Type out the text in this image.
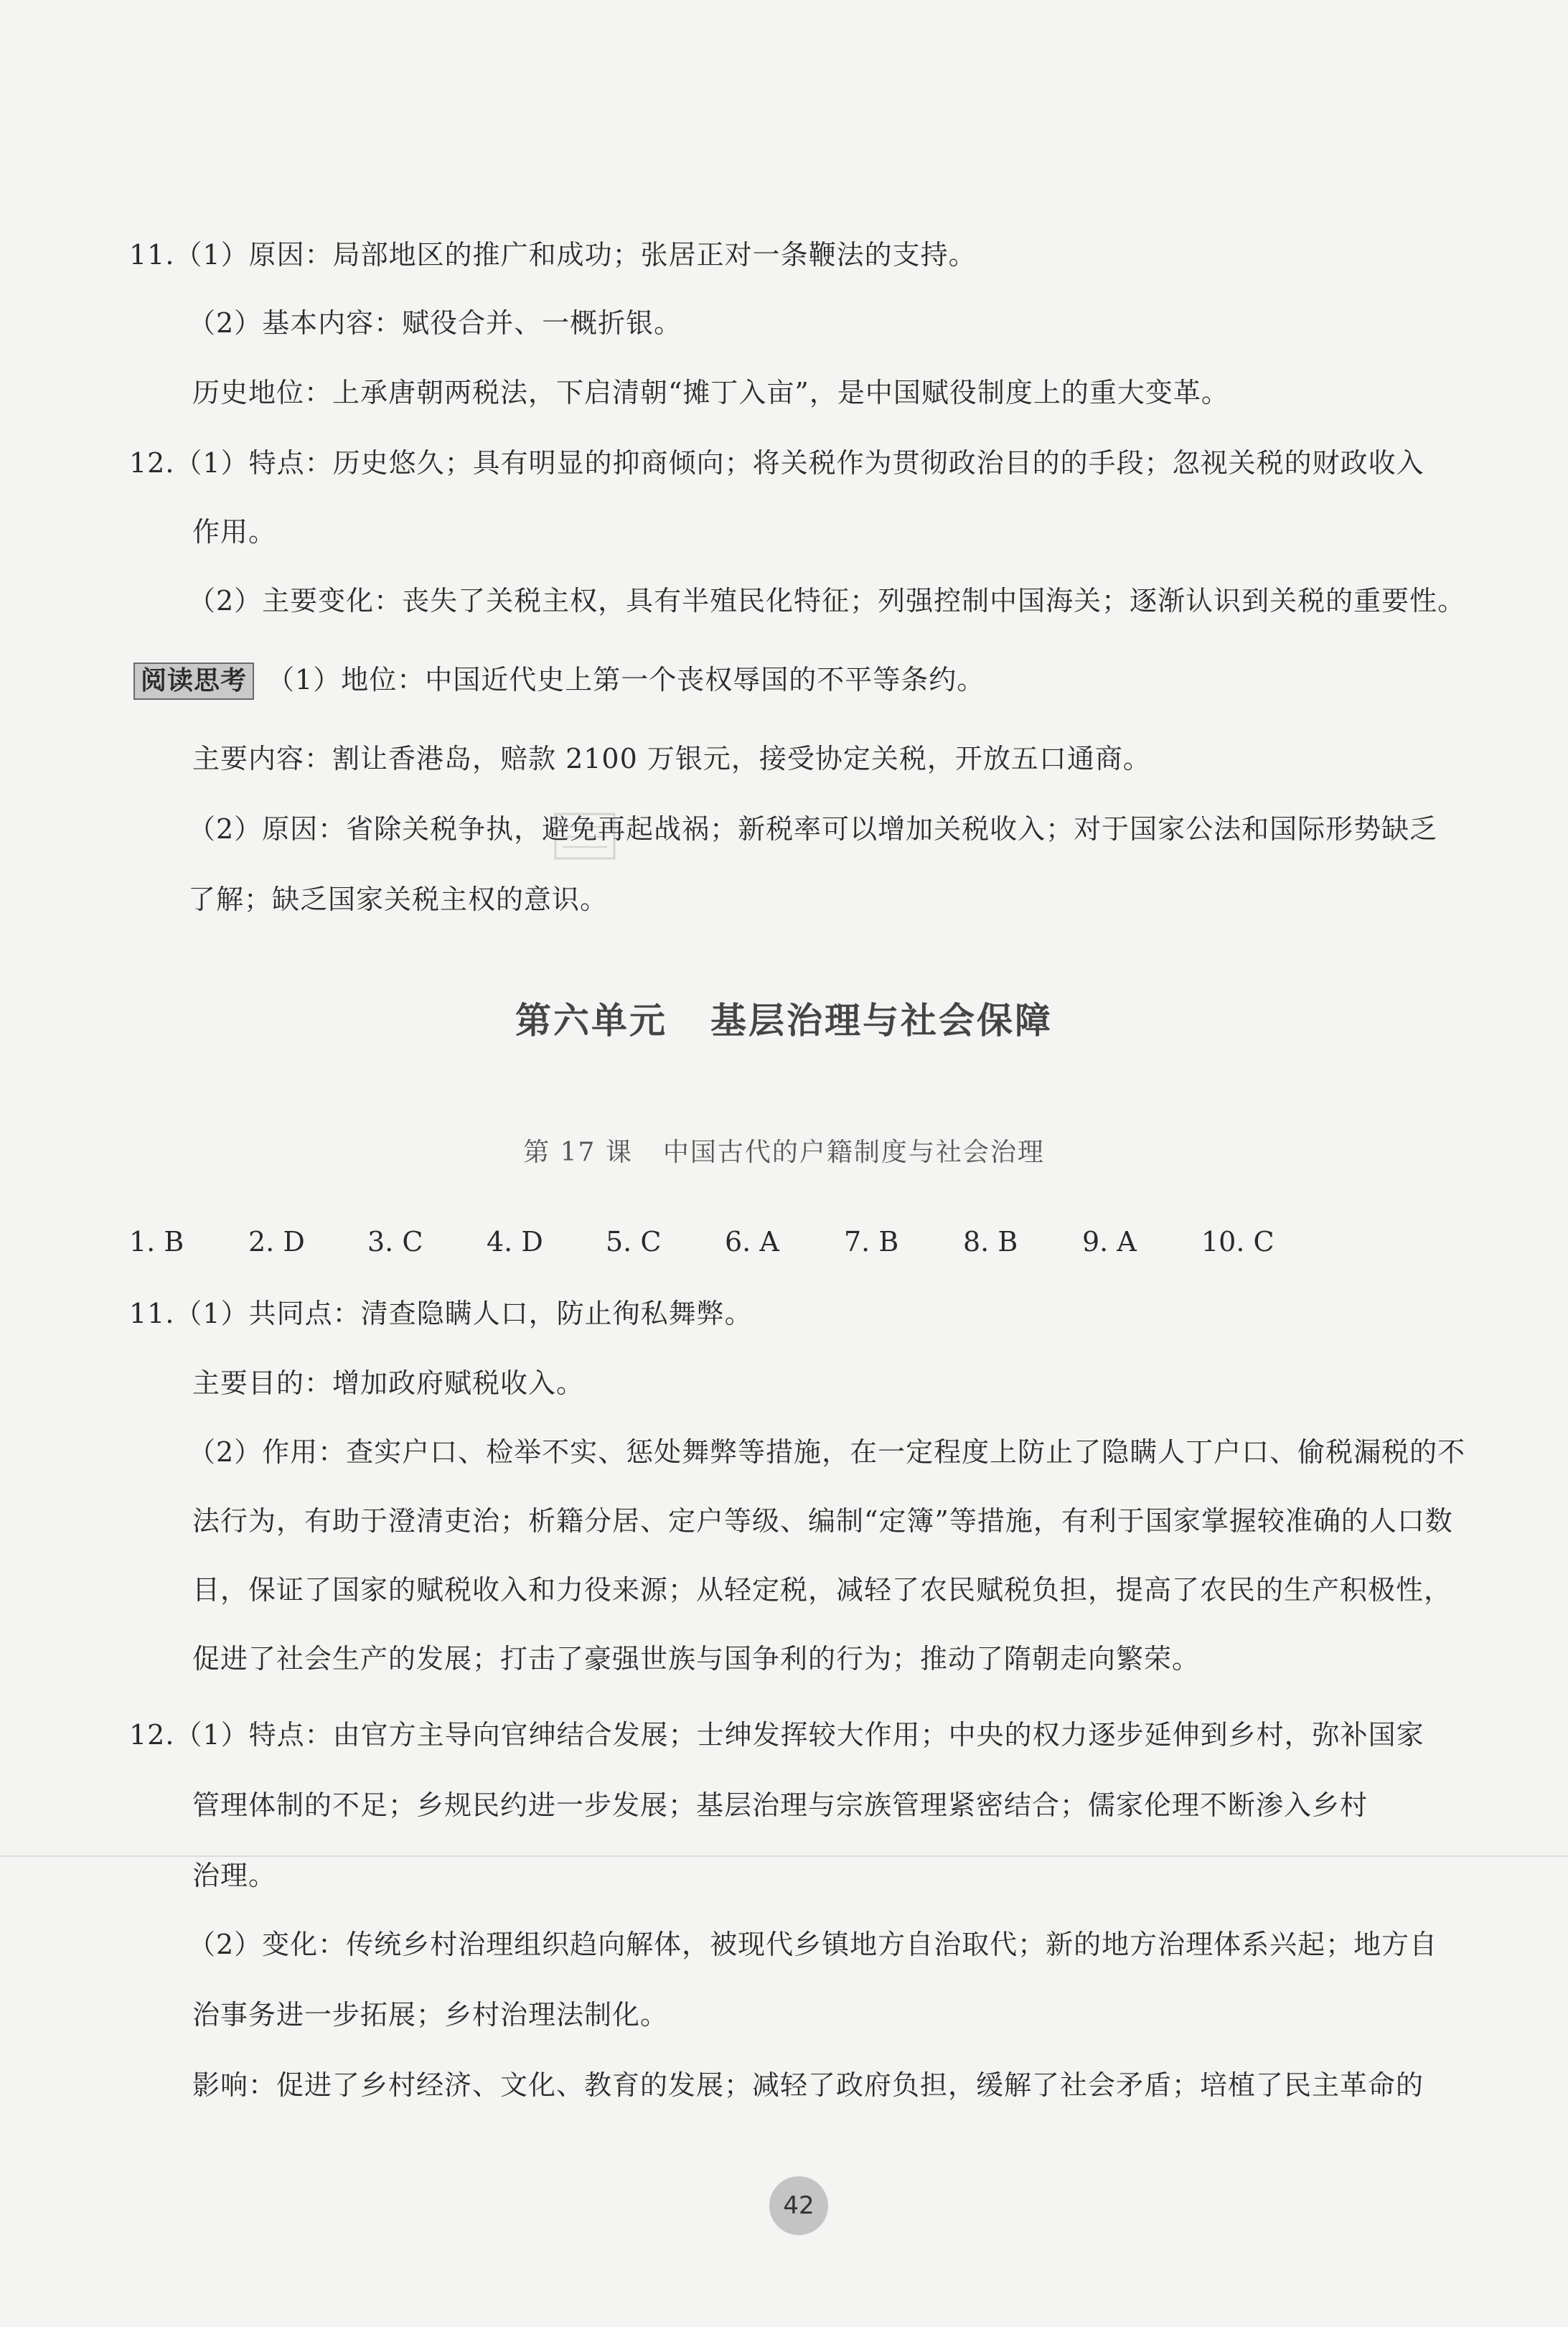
11.（1）原因：局部地区的推广和成功；张居正对一条鞭法的支持。
（2）基本内容：赋役合并、一概折银。
历史地位：上承唐朝两税法，下启清朝“摊丁入亩”，是中国赋役制度上的重大变革。
12.（1）特点：历史悠久；具有明显的抑商倾向；将关税作为贯彻政治目的的手段；忽视关税的财政收入
作用。
（2）主要变化：丧失了关税主权，具有半殖民化特征；列强控制中国海关；逐渐认识到关税的重要性。
阅读思考 （1）地位：中国近代史上第一个丧权辱国的不平等条约。
主要内容：割让香港岛，赔款 2100 万银元，接受协定关税，开放五口通商。
（2）原因：省除关税争执，避免再起战祸；新税率可以增加关税收入；对于国家公法和国际形势缺乏
了解；缺乏国家关税主权的意识。
第六单元 基层治理与社会保障
第 17 课 中国古代的户籍制度与社会治理
1. B 2. D 3. C 4. D 5. C 6. A 7. B 8. B 9. A 10. C
11.（1）共同点：清查隐瞒人口，防止徇私舞弊。
主要目的：增加政府赋税收入。
（2）作用：查实户口、检举不实、惩处舞弊等措施，在一定程度上防止了隐瞒人丁户口、偷税漏税的不
法行为，有助于澄清吏治；析籍分居、定户等级、编制“定簿”等措施，有利于国家掌握较准确的人口数
目，保证了国家的赋税收入和力役来源；从轻定税，减轻了农民赋税负担，提高了农民的生产积极性，
促进了社会生产的发展；打击了豪强世族与国争利的行为；推动了隋朝走向繁荣。
12.（1）特点：由官方主导向官绅结合发展；士绅发挥较大作用；中央的权力逐步延伸到乡村，弥补国家
管理体制的不足；乡规民约进一步发展；基层治理与宗族管理紧密结合；儒家伦理不断渗入乡村
治理。
（2）变化：传统乡村治理组织趋向解体，被现代乡镇地方自治取代；新的地方治理体系兴起；地方自
治事务进一步拓展；乡村治理法制化。
影响：促进了乡村经济、文化、教育的发展；减轻了政府负担，缓解了社会矛盾；培植了民主革命的
42
